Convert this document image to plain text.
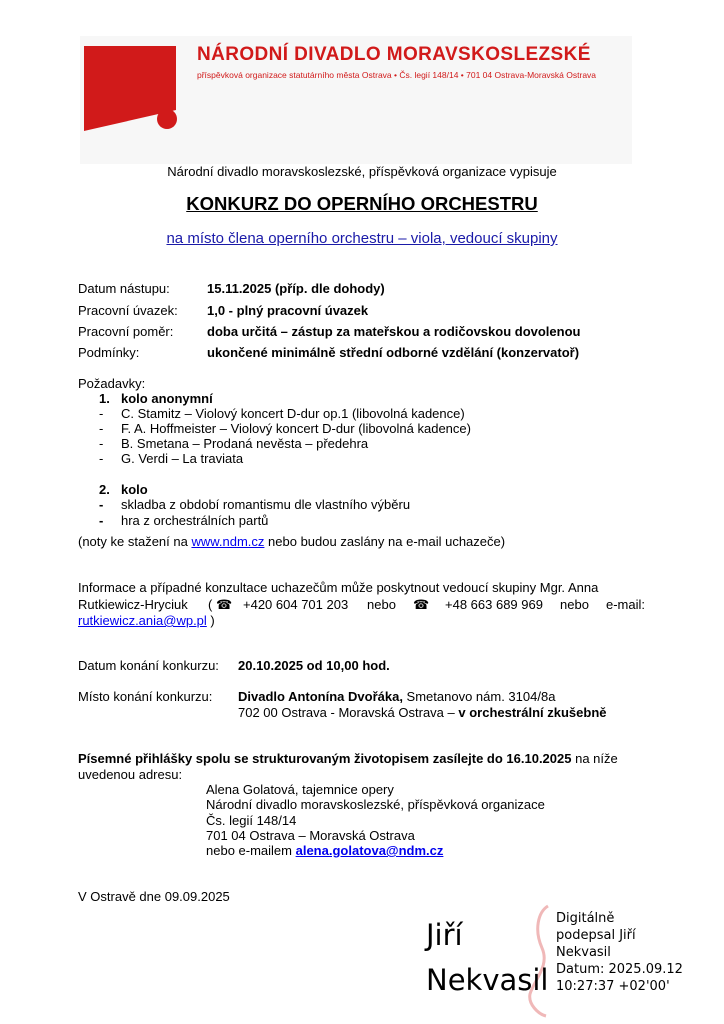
NÁRODNÍ DIVADLO MORAVSKOSLEZSKÉ
příspěvková organizace statutárního města Ostrava • Čs. legií 148/14 • 701 04 Ostrava-Moravská Ostrava
Národní divadlo moravskoslezské, příspěvková organizace vypisuje
KONKURZ DO OPERNÍHO ORCHESTRU
na místo člena operního orchestru – viola, vedoucí skupiny
Datum nástupu:	15.11.2025 (příp. dle dohody)
Pracovní úvazek: 1,0 - plný pracovní úvazek
Pracovní poměr:	doba určitá – zástup za mateřskou a rodičovskou dovolenou
Podmínky:	ukončené minimálně střední odborné vzdělání (konzervatoř)
Požadavky:
1. kolo anonymní
- C. Stamitz – Violový koncert D-dur op.1 (libovolná kadence)
- F. A. Hoffmeister – Violový koncert D-dur (libovolná kadence)
- B. Smetana – Prodaná nevěsta – předehra
- G. Verdi – La traviata
2. kolo
- skladba z období romantismu dle vlastního výběru
- hra z orchestrálních partů
(noty ke stažení na www.ndm.cz nebo budou zaslány na e-mail uchazeče)
Informace a případné konzultace uchazečům může poskytnout vedoucí skupiny Mgr. Anna
Rutkiewicz-Hryciuk ( ☎ +420 604 701 203 nebo ☎ +48 663 689 969 nebo e-mail:
rutkiewicz.ania@wp.pl )
Datum konání konkurzu: 20.10.2025 od 10,00 hod.
Místo konání konkurzu: Divadlo Antonína Dvořáka, Smetanovo nám. 3104/8a
702 00 Ostrava - Moravská Ostrava – v orchestrální zkušebně
Písemné přihlášky spolu se strukturovaným životopisem zasílejte do 16.10.2025 na níže
uvedenou adresu:
Alena Golatová, tajemnice opery
Národní divadlo moravskoslezské, příspěvková organizace
Čs. legií 148/14
701 04 Ostrava – Moravská Ostrava
nebo e-mailem alena.golatova@ndm.cz
V Ostravě dne 09.09.2025
Jiří
Nekvasil
Digitálně
podepsal Jiří
Nekvasil
Datum: 2025.09.12
10:27:37 +02'00'
